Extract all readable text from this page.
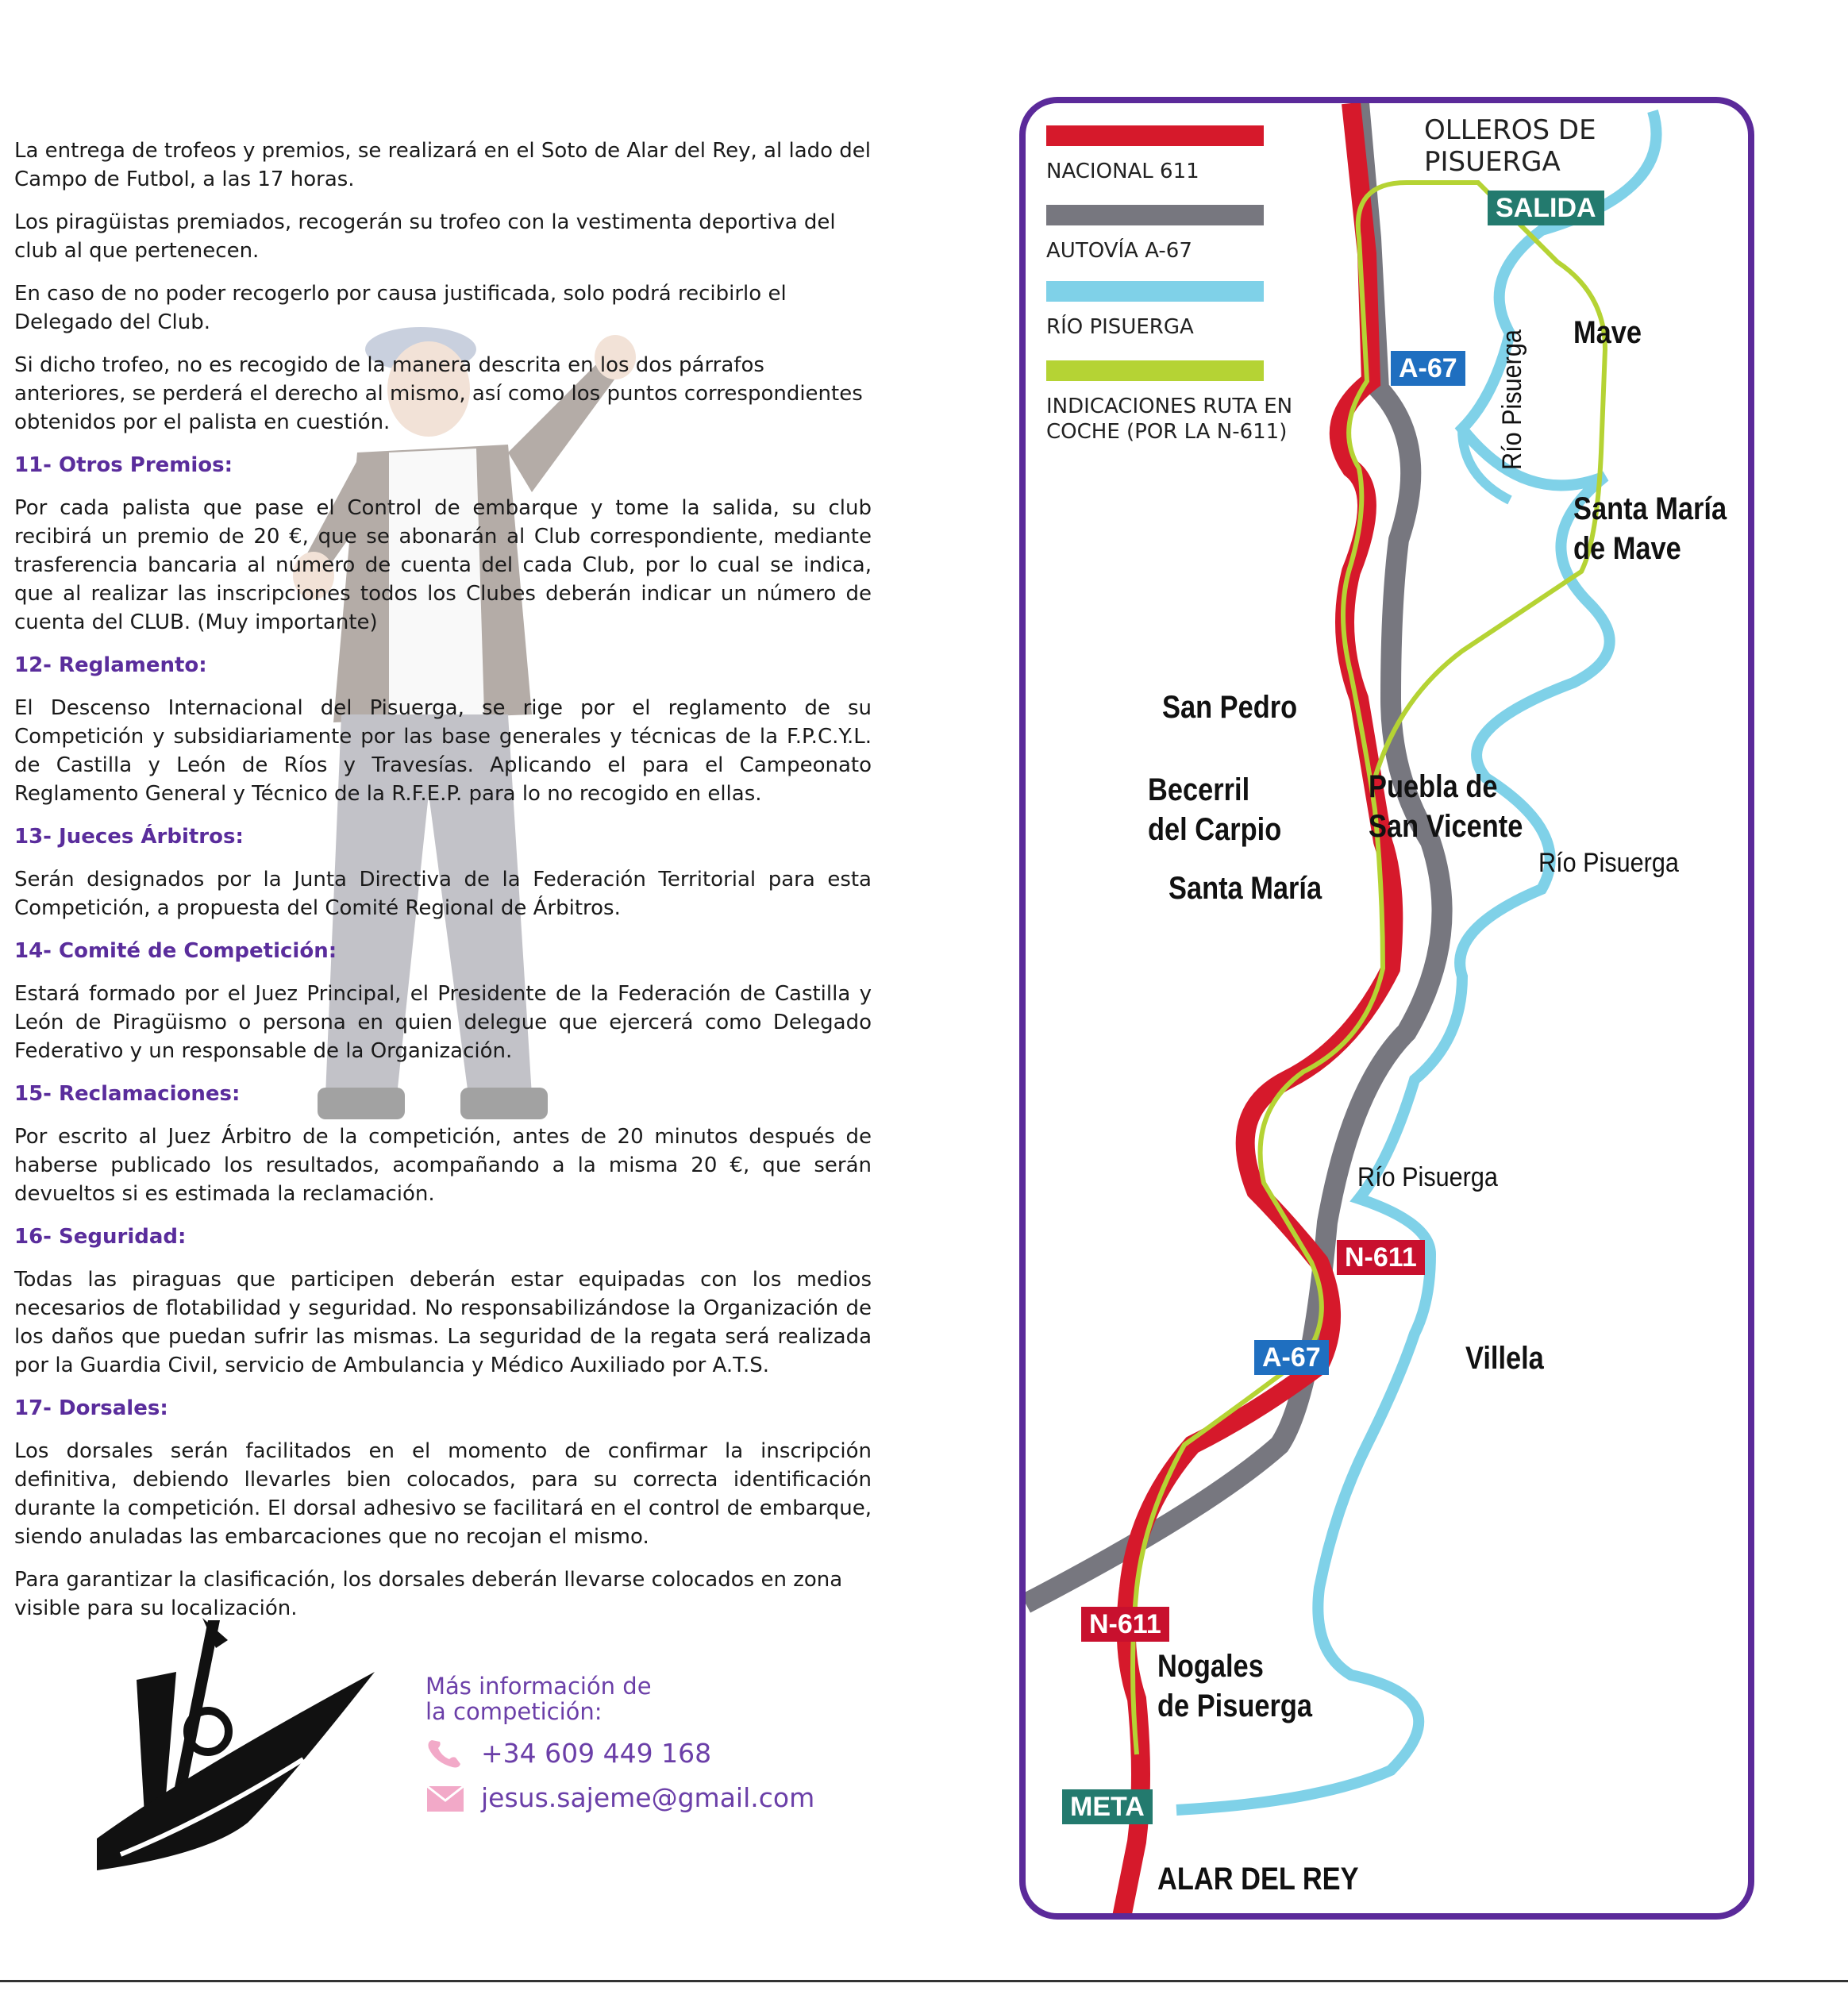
La entrega de trofeos y premios, se realizará en el Soto de Alar del Rey, al lado del Campo de Futbol, a las 17 horas.

Los piragüistas premiados, recogerán su trofeo con la vestimenta deportiva del club al que pertenecen.

En caso de no poder recogerlo por causa justificada, solo podrá recibirlo el Delegado del Club.

Si dicho trofeo, no es recogido de la manera descrita en los dos párrafos anteriores, se perderá el derecho al mismo, así como los puntos correspondientes obtenidos por el palista en cuestión.

11- Otros Premios:

Por cada palista que pase el Control de embarque y tome la salida, su club recibirá un premio de 20 €, que se abonarán al Club correspondiente, mediante trasferencia bancaria al número de cuenta del cada Club, por lo cual se indica, que al realizar las inscripciones todos los Clubes deberán indicar un número de cuenta del CLUB. (Muy importante)

12- Reglamento:

El Descenso Internacional del Pisuerga, se rige por el reglamento de su Competición y subsidiariamente por las base generales y técnicas de la F.P.C.Y.L. de Castilla y León de Ríos y Travesías. Aplicando el para el Campeonato Reglamento General y Técnico de la R.F.E.P. para lo no recogido en ellas.

13- Jueces Árbitros:

Serán designados por la Junta Directiva de la Federación Territorial para esta Competición, a propuesta del Comité Regional de Árbitros.

14- Comité de Competición:

Estará formado por el Juez Principal, el Presidente de la Federación de Castilla y León de Piragüismo o persona en quien delegue que ejercerá como Delegado Federativo y un responsable de la Organización.

15- Reclamaciones:

Por escrito al Juez Árbitro de la competición, antes de 20 minutos después de haberse publicado los resultados, acompañando a la misma 20 €, que serán devueltos si es estimada la reclamación.

16- Seguridad:

Todas las piraguas que participen deberán estar equipadas con los medios necesarios de flotabilidad y seguridad. No responsabilizándose la Organización de los daños que puedan sufrir las mismas. La seguridad de la regata será realizada por la Guardia Civil, servicio de Ambulancia y Médico Auxiliado por A.T.S.

17- Dorsales:

Los dorsales serán facilitados en el momento de confirmar la inscripción definitiva, debiendo llevarles bien colocados, para su correcta identificación durante la competición. El dorsal adhesivo se facilitará en el control de embarque, siendo anuladas las embarcaciones que no recojan el mismo.

Para garantizar la clasificación, los dorsales deberán llevarse colocados en zona visible para su localización.

Más información de la competición:
+34 609 449 168
jesus.sajeme@gmail.com
NACIONAL 611
AUTOVÍA A-67
RÍO PISUERGA
INDICACIONES RUTA EN COCHE (POR LA N-611)
OLLEROS DE PISUERGA
SALIDA
META
A-67
A-67
N-611
N-611
Mave
Santa María
de Mave
San Pedro
Becerril
del Carpio
Santa María
Puebla de
San Vicente
Villela
Nogales
de Pisuerga
ALAR DEL REY
Río Pisuerga
Río Pisuerga
Río Pisuerga
